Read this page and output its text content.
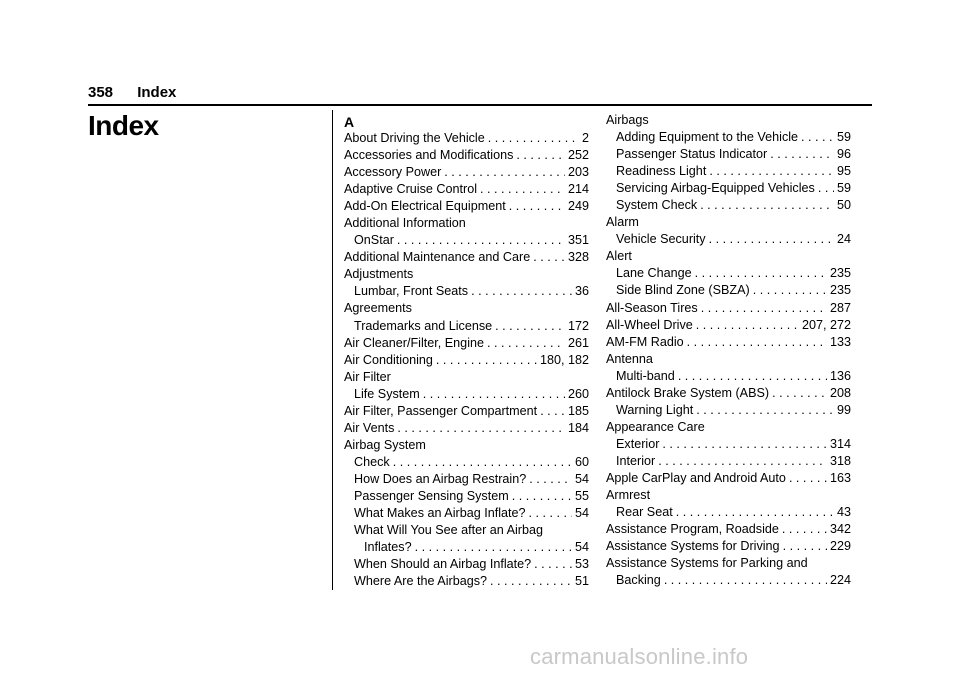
358 Index
Index	A
About Driving the Vehicle . . .	2
Accessories and Modifications . . .	252
Accessory Power . . .	203
Adaptive Cruise Control . . .	214
Add-On Electrical Equipment . . .	249
Additional Information
OnStar . . .	351
Additional Maintenance and Care . . .	328
Adjustments
Lumbar, Front Seats . . .	36
Agreements
Trademarks and License . . .	172
Air Cleaner/Filter, Engine . . .	261
Air Conditioning . . .	180, 182
Air Filter
Life System . . .	260
Air Filter, Passenger Compartment . . . 185
Air Vents . . .	184
Airbag System
Check . . .	60
How Does an Airbag Restrain? . . .	54
Passenger Sensing System . . .	55
What Makes an Airbag Inflate? . . .	54
What Will You See after an Airbag
Inflates? . . .	54
When Should an Airbag Inflate? . . .	53
Where Are the Airbags? . . .	51
Airbags
Adding Equipment to the Vehicle . . .	59
Passenger Status Indicator . . .	96
Readiness Light . . .	95
Servicing Airbag-Equipped Vehicles . . . 59
System Check . . .	50
Alarm
Vehicle Security . . .	24
Alert
Lane Change . . .	235
Side Blind Zone (SBZA) . . .	235
All-Season Tires . . .	287
All-Wheel Drive . . .	207, 272
AM-FM Radio . . .	133
Antenna
Multi-band . . .	136
Antilock Brake System (ABS) . . .	208
Warning Light . . .	99
Appearance Care
Exterior . . .	314
Interior . . .	318
Apple CarPlay and Android Auto . . .	163
Armrest
Rear Seat . . .	43
Assistance Program, Roadside . . .	342
Assistance Systems for Driving . . .	229
Assistance Systems for Parking and
Backing . . .	224
carmanualsonline.info
